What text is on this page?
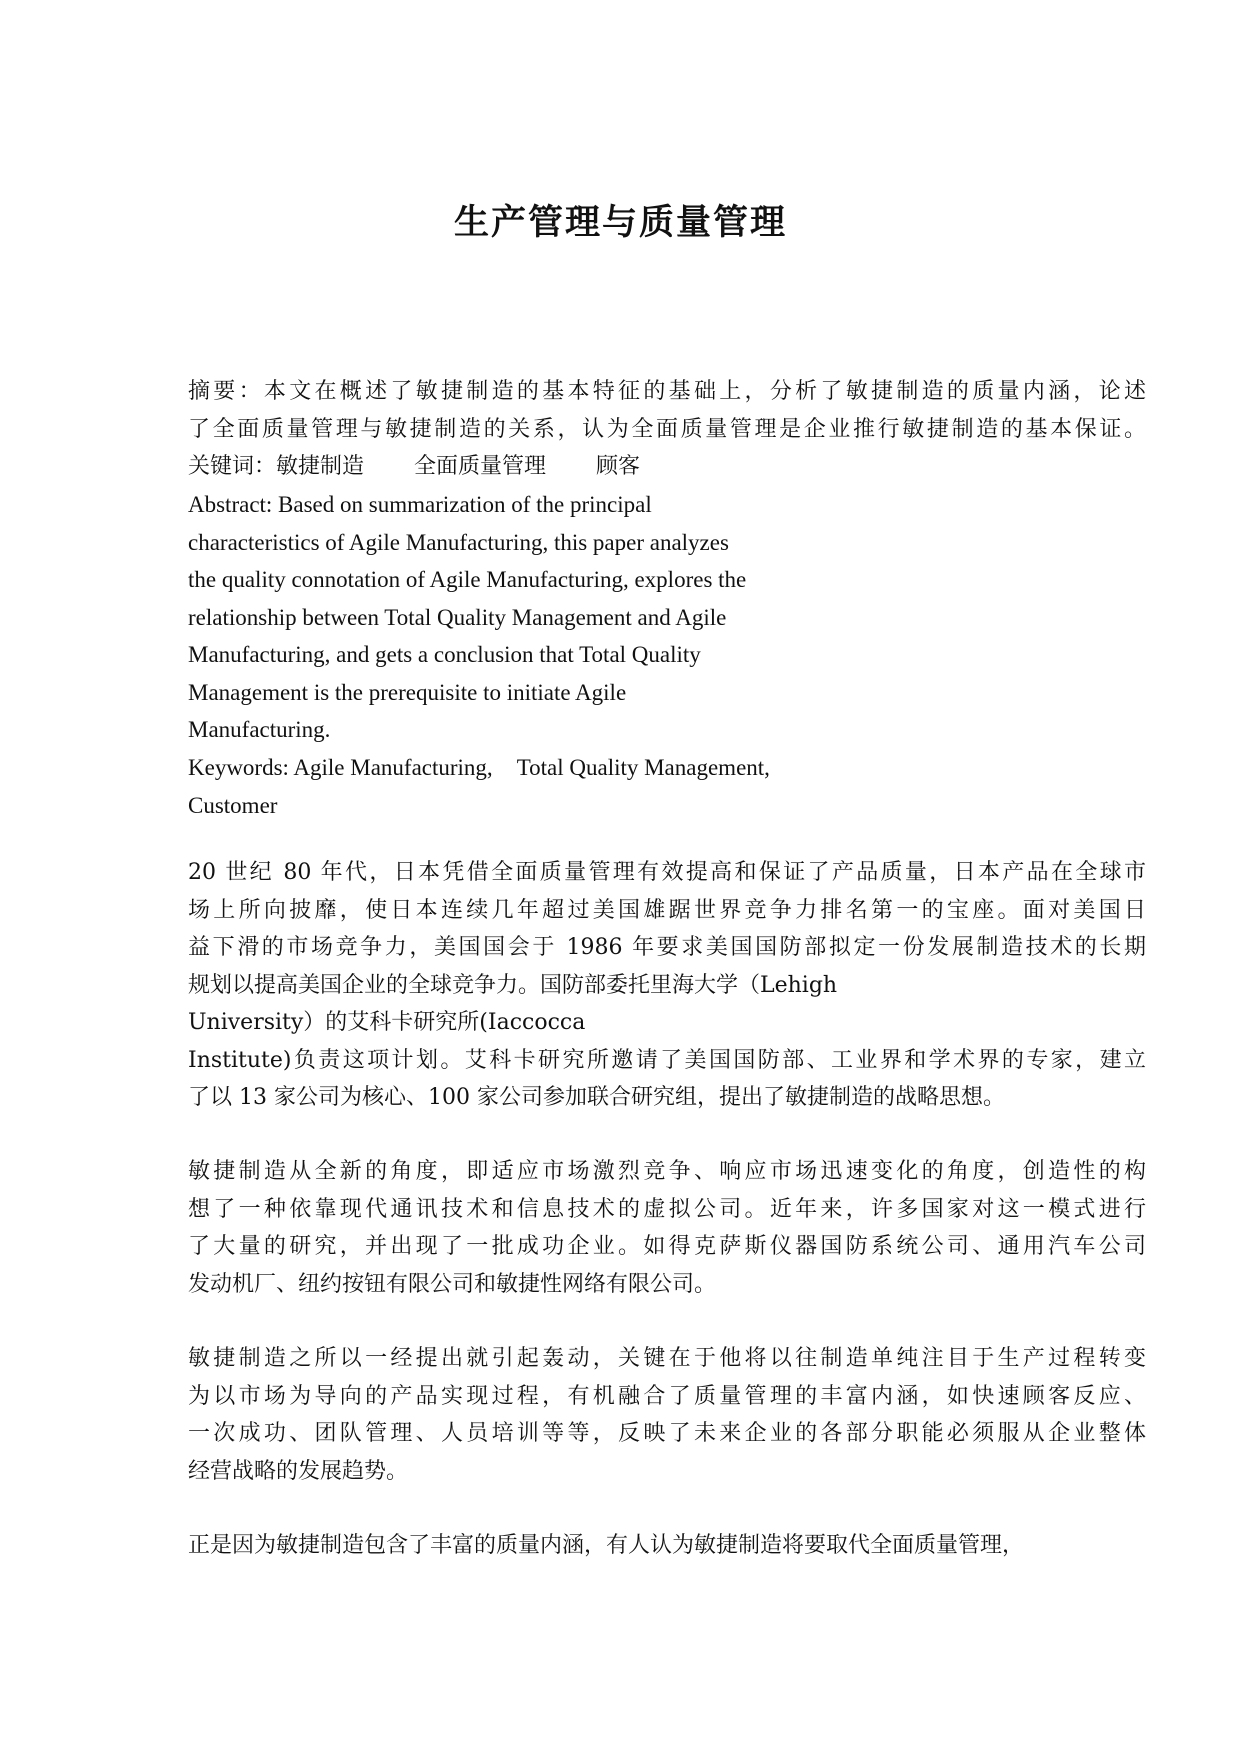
生产管理与质量管理
摘要：本文在概述了敏捷制造的基本特征的基础上，分析了敏捷制造的质量内涵，论述
了全面质量管理与敏捷制造的关系，认为全面质量管理是企业推行敏捷制造的基本保证。
关键词：敏捷制造 全面质量管理 顾客
Abstract: Based on summarization of the principal
characteristics of Agile Manufacturing, this paper analyzes
the quality connotation of Agile Manufacturing, explores the
relationship between Total Quality Management and Agile
Manufacturing, and gets a conclusion that Total Quality
Management is the prerequisite to initiate Agile
Manufacturing.
Keywords: Agile Manufacturing, Total Quality Management,
Customer
20 世纪 80 年代，日本凭借全面质量管理有效提高和保证了产品质量，日本产品在全球市
场上所向披靡，使日本连续几年超过美国雄踞世界竞争力排名第一的宝座。面对美国日
益下滑的市场竞争力，美国国会于 1986 年要求美国国防部拟定一份发展制造技术的长期
规划以提高美国企业的全球竞争力。国防部委托里海大学（Lehigh
University）的艾科卡研究所(Iaccocca
Institute)负责这项计划。艾科卡研究所邀请了美国国防部、工业界和学术界的专家，建立
了以 13 家公司为核心、100 家公司参加联合研究组，提出了敏捷制造的战略思想。
敏捷制造从全新的角度，即适应市场激烈竞争、响应市场迅速变化的角度，创造性的构
想了一种依靠现代通讯技术和信息技术的虚拟公司。近年来，许多国家对这一模式进行
了大量的研究，并出现了一批成功企业。如得克萨斯仪器国防系统公司、通用汽车公司
发动机厂、纽约按钮有限公司和敏捷性网络有限公司。
敏捷制造之所以一经提出就引起轰动，关键在于他将以往制造单纯注目于生产过程转变
为以市场为导向的产品实现过程，有机融合了质量管理的丰富内涵，如快速顾客反应、
一次成功、团队管理、人员培训等等，反映了未来企业的各部分职能必须服从企业整体
经营战略的发展趋势。
正是因为敏捷制造包含了丰富的质量内涵，有人认为敏捷制造将要取代全面质量管理，
